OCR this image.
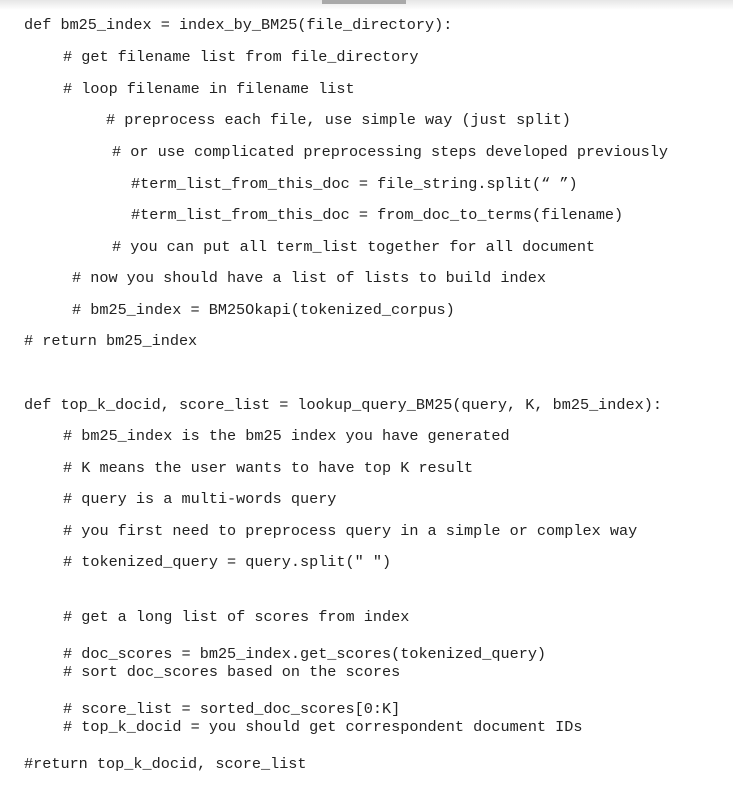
def bm25_index = index_by_BM25(file_directory):
# get filename list from file_directory
# loop filename in filename list
# preprocess each file, use simple way (just split)
# or use complicated preprocessing steps developed previously
#term_list_from_this_doc = file_string.split(“ ”)
#term_list_from_this_doc = from_doc_to_terms(filename)
# you can put all term_list together for all document
# now you should have a list of lists to build index
# bm25_index = BM25Okapi(tokenized_corpus)
# return bm25_index
def top_k_docid, score_list = lookup_query_BM25(query, K, bm25_index):
# bm25_index is the bm25 index you have generated
# K means the user wants to have top K result
# query is a multi-words query
# you first need to preprocess query in a simple or complex way
# tokenized_query = query.split(" ")
# get a long list of scores from index
# doc_scores = bm25_index.get_scores(tokenized_query)
# sort doc_scores based on the scores
# score_list = sorted_doc_scores[0:K]
# top_k_docid = you should get correspondent document IDs
#return top_k_docid, score_list
